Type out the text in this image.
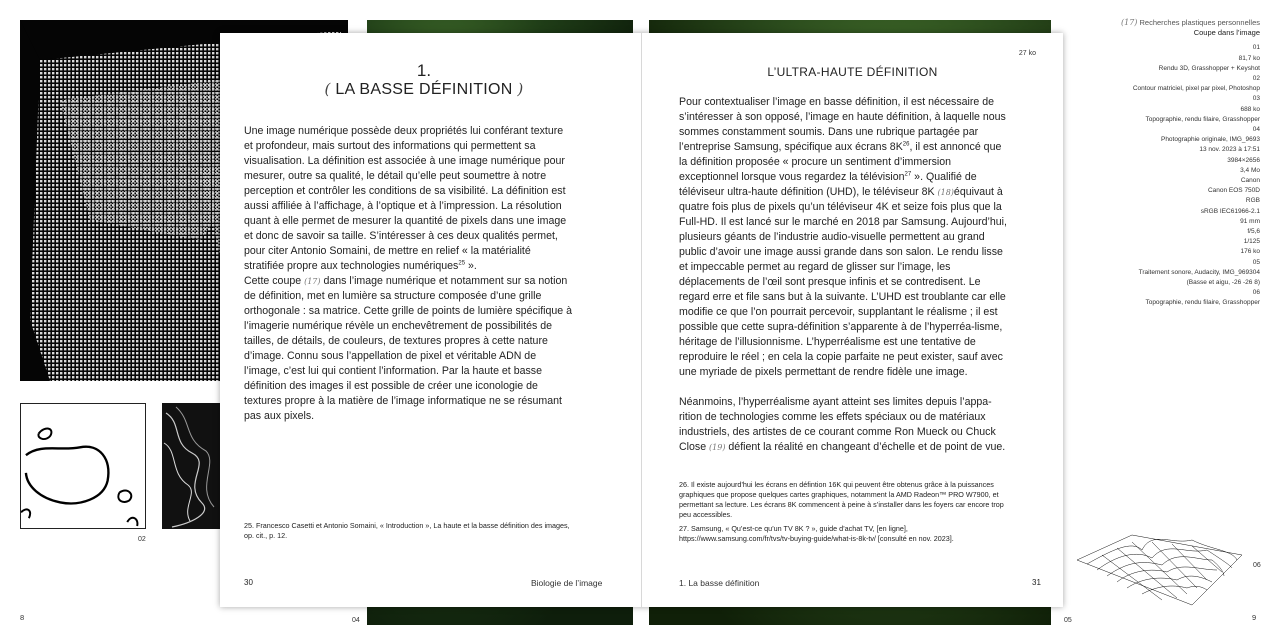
02
04
8
1.
( LA BASSE DÉFINITION )

Une image numérique possède deux propriétés lui conférant texture et profondeur, mais surtout des informations qui permettent sa visualisation. La définition est associée à une image numérique pour mesurer, outre sa qualité, le détail qu’elle peut soumettre à notre perception et contrôler les conditions de sa visibilité. La définition est aussi affiliée à l’affichage, à l’optique et à l’impression. La résolution quant à elle permet de mesurer la quantité de pixels dans une image et donc de savoir sa taille. S’intéresser à ces deux qualités permet, pour citer Antonio Somaini, de mettre en relief « la matérialité stratifiée propre aux technologies numériques$^{25}$ ».
Cette coupe (17) dans l’image numérique et notamment sur sa notion de définition, met en lumière sa structure composée d’une grille orthogonale : sa matrice. Cette grille de points de lumière spécifique à l’imagerie numérique révèle un enchevêtrement de possibilités de tailles, de détails, de couleurs, de textures propres à cette nature d’image. Connu sous l’appellation de pixel et véritable ADN de l’image, c’est lui qui contient l’information. Par la haute et basse définition des images il est possible de créer une iconologie de textures propre à la matière de l’image informatique ne se résumant pas aux pixels.

25. Francesco Casetti et Antonio Somaini, « Introduction », La haute et la basse définition des images, op. cit., p. 12.

30	Biologie de l’image
27 ko
L’ULTRA-HAUTE DÉFINITION

Pour contextualiser l’image en basse définition, il est nécessaire de s’intéresser à son opposé, l’image en haute définition, à laquelle nous sommes constamment soumis. Dans une rubrique partagée par l’entreprise Samsung, spécifique aux écrans $8K^{26}$, il est annoncé que la définition proposée « procure un sentiment d’immersion exceptionnel lorsque vous regardez la télévision$^{27}$ ». Qualifié de téléviseur ultra-haute définition (UHD), le téléviseur 8K (18)équivaut à quatre fois plus de pixels qu’un téléviseur 4K et seize fois plus que la Full-HD. Il est lancé sur le marché en 2018 par Samsung. Aujourd’hui, plusieurs géants de l’industrie audio-visuelle permettent au grand public d’avoir une image aussi grande dans son salon. Le rendu lisse et impeccable permet au regard de glisser sur l’image, les déplacements de l’œil sont presque infinis et se contredisent. Le regard erre et file sans but à la suivante. L’UHD est troublante car elle modifie ce que l’on pourrait percevoir, supplantant le réalisme ; il est possible que cette supra-définition s’apparente à de l’hyperréa-lisme, héritage de l’illusionnisme. L’hyperréalisme est une tentative de reproduire le réel ; en cela la copie parfaite ne peut exister, sauf avec une myriade de pixels permettant de rendre fidèle une image.

Néanmoins, l’hyperréalisme ayant atteint ses limites depuis l’appa-rition de technologies comme les effets spéciaux ou de matériaux industriels, des artistes de ce courant comme Ron Mueck ou Chuck Close (19) défient la réalité en changeant d’échelle et de point de vue.

26. Il existe aujourd’hui les écrans en défintion 16K qui peuvent être obtenus grâce à la puissances graphiques que propose quelques cartes graphiques, notamment la AMD Radeon™ PRO W7900, et permettant sa lecture. Les écrans 8K commencent à peine à s’installer dans les foyers car encore trop peu accessibles.

27. Samsung, « Qu’est-ce qu’un TV 8K ? », guide d’achat TV, [en ligne], https://www.samsung.com/fr/tvs/tv-buying-guide/what-is-8k-tv/ [consulté en nov. 2023].

1. La basse définition	31
(17) Recherches plastiques personnelles
Coupe dans l’image
01
81,7 ko
Rendu 3D, Grasshopper + Keyshot
02
Contour matriciel, pixel par pixel, Photoshop
03
688 ko
Topographie, rendu filaire, Grasshopper
04
Photographie originale, IMG_9693
13 nov. 2023 à 17:51
3984×2656
3,4 Mo
Canon
Canon EOS 750D
RGB
sRGB IEC61966-2.1
91 mm
f/5,6
1/125
176 ko
05
Traitement sonore, Audacity, IMG_969304
(Basse et aigu, -26 -26 8)
06
Topographie, rendu filaire, Grasshopper
05
06
9
